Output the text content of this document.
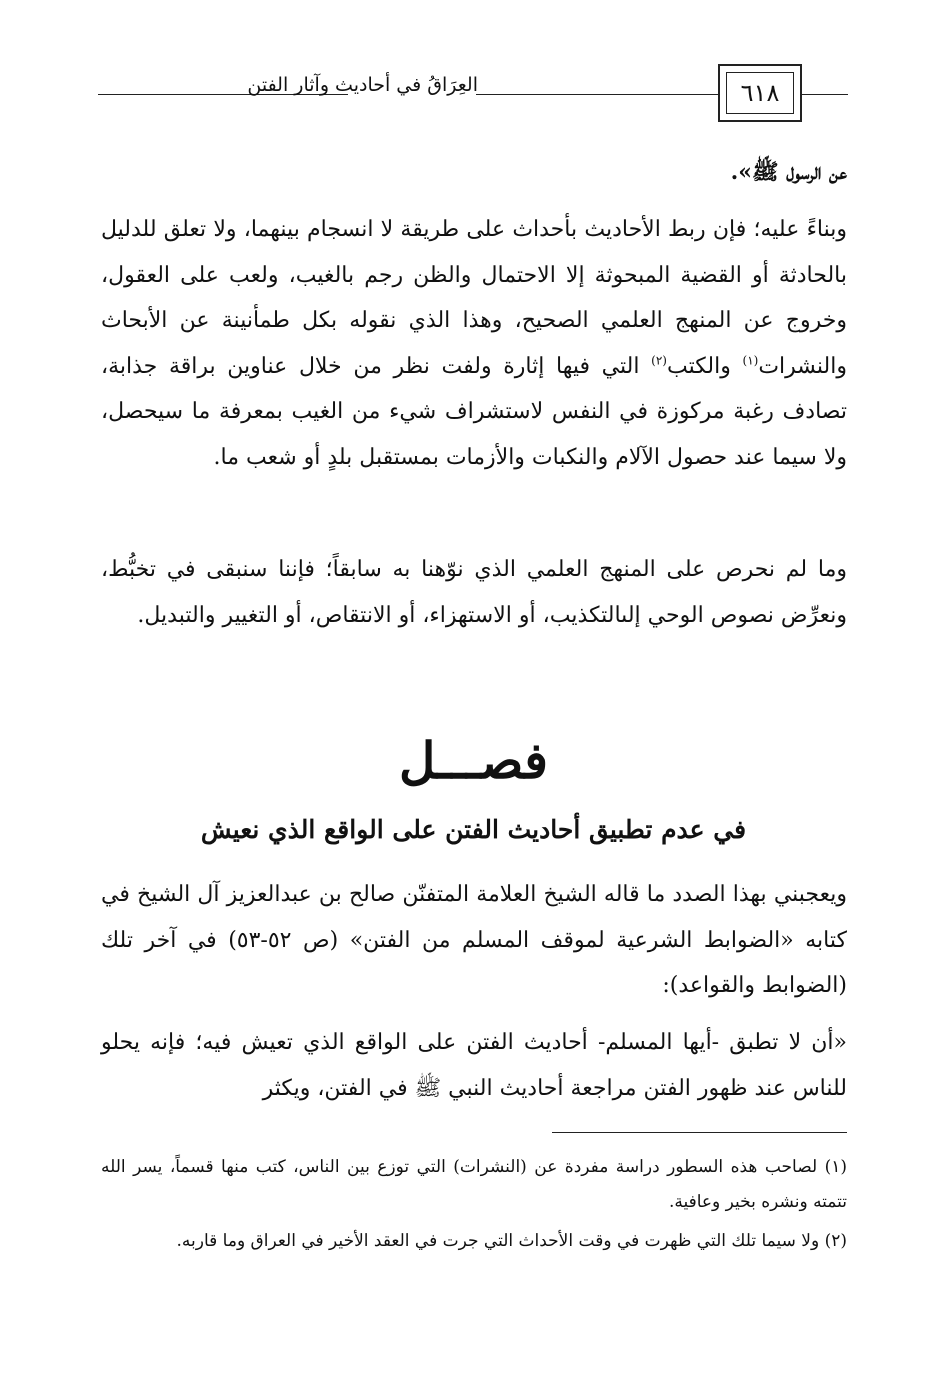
العِرَاقُ في أحاديث وآثار الفتن	٦١٨

عن الرسول ﷺ».

وبناءً عليه؛ فإن ربط الأحاديث بأحداث على طريقة لا انسجام بينهما، ولا تعلق للدليل بالحادثة أو القضية المبحوثة إلا الاحتمال والظن رجم بالغيب، ولعب على العقول، وخروج عن المنهج العلمي الصحيح، وهذا الذي نقوله بكل طمأنينة عن الأبحاث والنشرات$^{(١)}$ والكتب$^{(٢)}$ التي فيها إثارة ولفت نظر من خلال عناوين براقة جذابة، تصادف رغبة مركوزة في النفس لاستشراف شيء من الغيب بمعرفة ما سيحصل، ولا سيما عند حصول الآلام والنكبات والأزمات بمستقبل بلدٍ أو شعب ما.

وما لم نحرص على المنهج العلمي الذي نوّهنا به سابقاً؛ فإننا سنبقى في تخبُّط، ونعرِّض نصوص الوحي إلىالتكذيب، أو الاستهزاء، أو الانتقاص، أو التغيير والتبديل.

فصـــل
في عدم تطبيق أحاديث الفتن على الواقع الذي نعيش

ويعجبني بهذا الصدد ما قاله الشيخ العلامة المتفنّن صالح بن عبدالعزيز آل الشيخ في كتابه «الضوابط الشرعية لموقف المسلم من الفتن» (ص ٥٢-٥٣) في آخر تلك (الضوابط والقواعد):

«أن لا تطبق -أيها المسلم- أحاديث الفتن على الواقع الذي تعيش فيه؛ فإنه يحلو للناس عند ظهور الفتن مراجعة أحاديث النبي ﷺ في الفتن، ويكثر

(١) لصاحب هذه السطور دراسة مفردة عن (النشرات) التي توزع بين الناس، كتب منها قسماً، يسر الله تتمته ونشره بخير وعافية.

(٢) ولا سيما تلك التي ظهرت في وقت الأحداث التي جرت في العقد الأخير في العراق وما قاربه.
